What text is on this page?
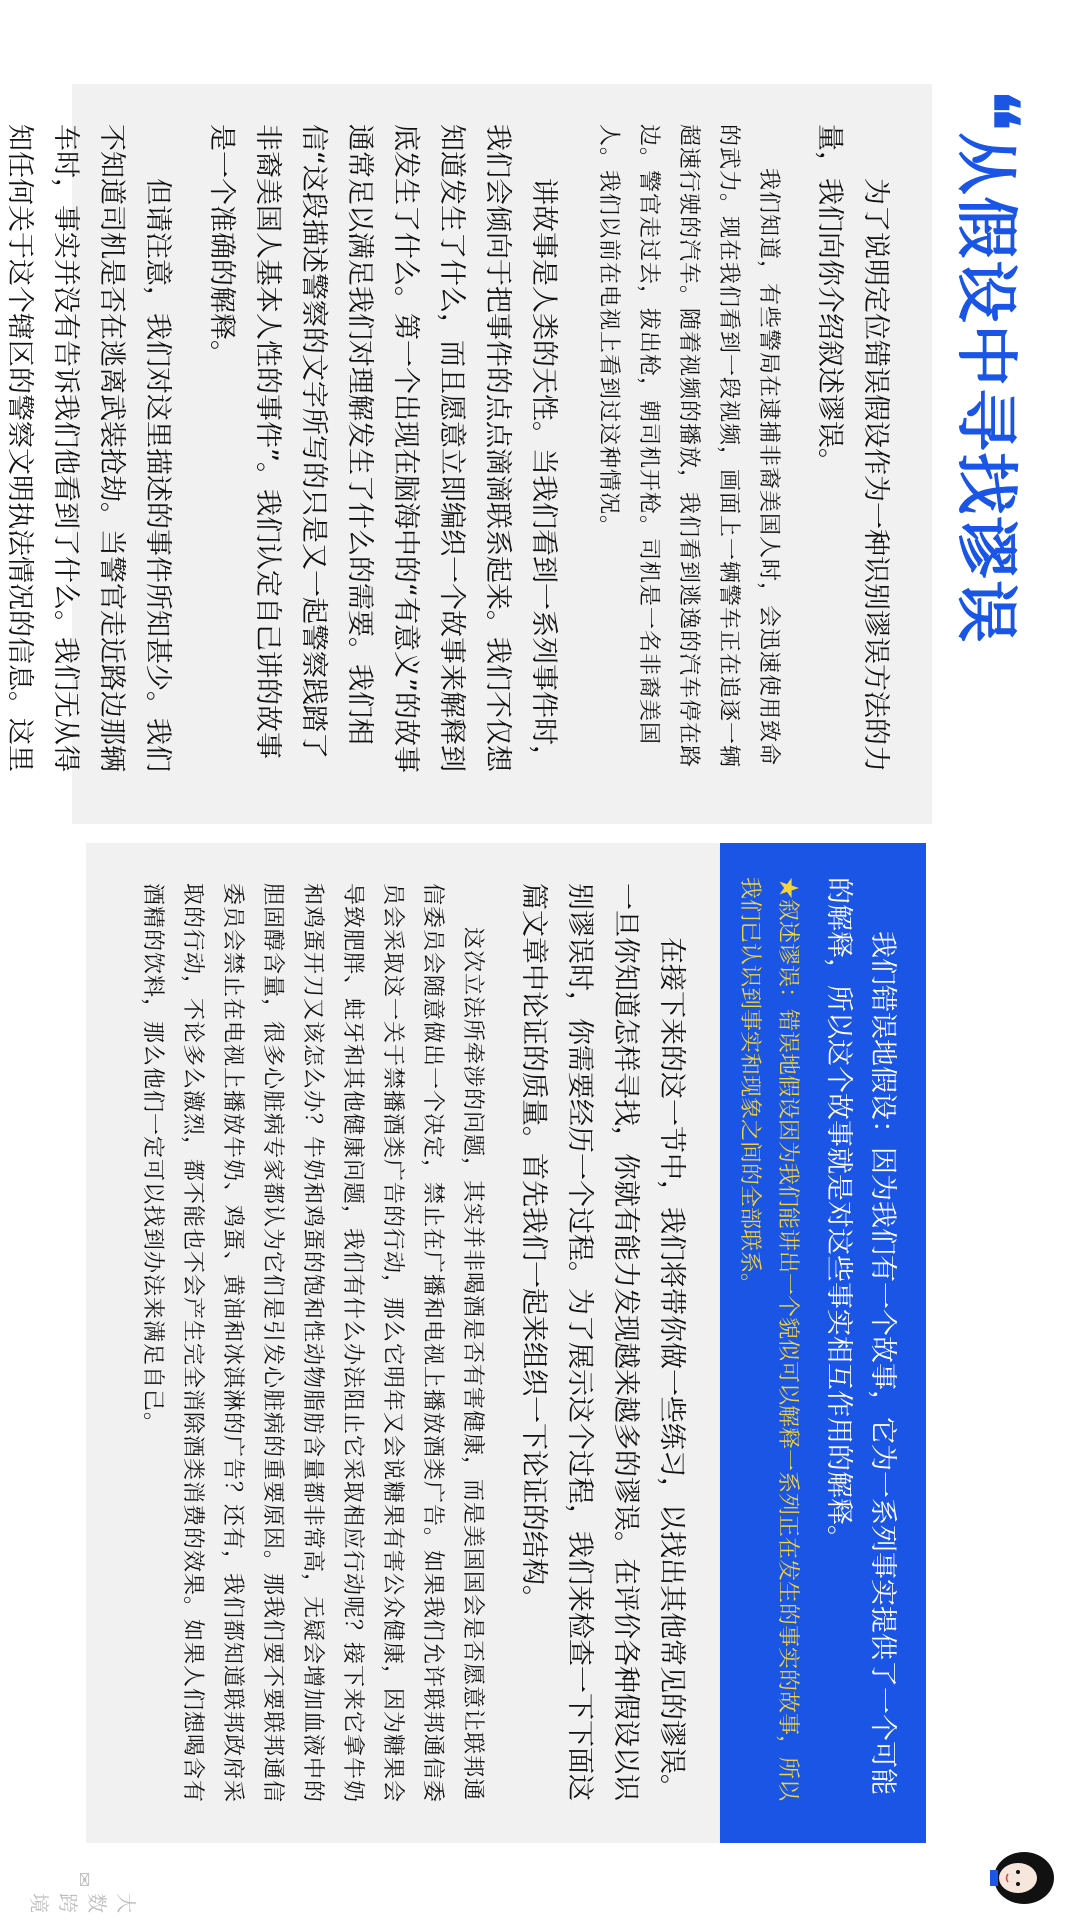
❛❛
从假设中寻找谬误

为了说明定位错误假设作为一种识别谬误方法的力量，我们向你介绍叙述谬误。

我们知道，有些警局在逮捕非裔美国人时，会迅速使用致命的武力。现在我们看到一段视频，画面上一辆警车正在追逐一辆超速行驶的汽车。随着视频的播放，我们看到逃逸的汽车停在路边。警官走过去，拔出枪，朝司机开枪。司机是一名非裔美国人。我们以前在电视上看到过这种情况。

讲故事是人类的天性。当我们看到一系列事件时，我们会倾向于把事件的点点滴滴联系起来。我们不仅想知道发生了什么，而且愿意立即编织一个故事来解释到底发生了什么。第一个出现在脑海中的“有意义”的故事通常足以满足我们对理解发生了什么的需要。我们相信“这段描述警察的文字所写的只是又一起警察践踏了非裔美国人基本人性的事件”。我们认定自己讲的故事是一个准确的解释。

但请注意，我们对这里描述的事件所知甚少。我们不知道司机是否在逃离武装抢劫。当警官走近路边那辆车时，事实并没有告诉我们他看到了什么。我们无从得知任何关于这个辖区的警察文明执法情况的信息。这里

我们错误地假设：因为我们有一个故事，它为一系列事实提供了一个可能的解释，所以这个故事就是对这些事实相互作用的解释。

★叙述谬误：错误地假设因为我们能讲出一个貌似可以解释一系列正在发生的事实的故事，所以我们已认识到事实和现象之间的全部联系。

在接下来的这一节中，我们将带你做一些练习，以找出其他常见的谬误。一旦你知道怎样寻找，你就有能力发现越来越多的谬误。在评价各种假设以识别谬误时，你需要经历一个过程。为了展示这个过程，我们来检查一下下面这篇文章中论证的质量。首先我们一起来组织一下论证的结构。

这次立法所牵涉的问题，其实并非喝酒是否有害健康，而是美国国会是否愿意让联邦通信委员会随意做出一个决定，禁止在广播和电视上播放酒类广告。如果我们允许联邦通信委员会采取这一关于禁播酒类广告的行动，那么它明年又会说糖果有害公众健康，因为糖果会导致肥胖、蛀牙和其他健康问题，我们有什么办法阻止它采取相应行动呢？接下来它拿牛奶和鸡蛋开刀又该怎么办？牛奶和鸡蛋的饱和性动物脂肪含量都非常高，无疑会增加血液中的胆固醇含量，很多心脏病专家都认为它们是引发心脏病的重要原因。那我们要不要联邦通信委员会禁止在电视上播放牛奶、鸡蛋、黄油和冰淇淋的广告？还有，我们都知道联邦政府采取的行动，不论多么激烈，都不能也不会产生完全消除酒类消费的效果。如果人们想喝含有酒精的饮料，那么他们一定可以找到办法来满足自己。

✉
大数跨境
